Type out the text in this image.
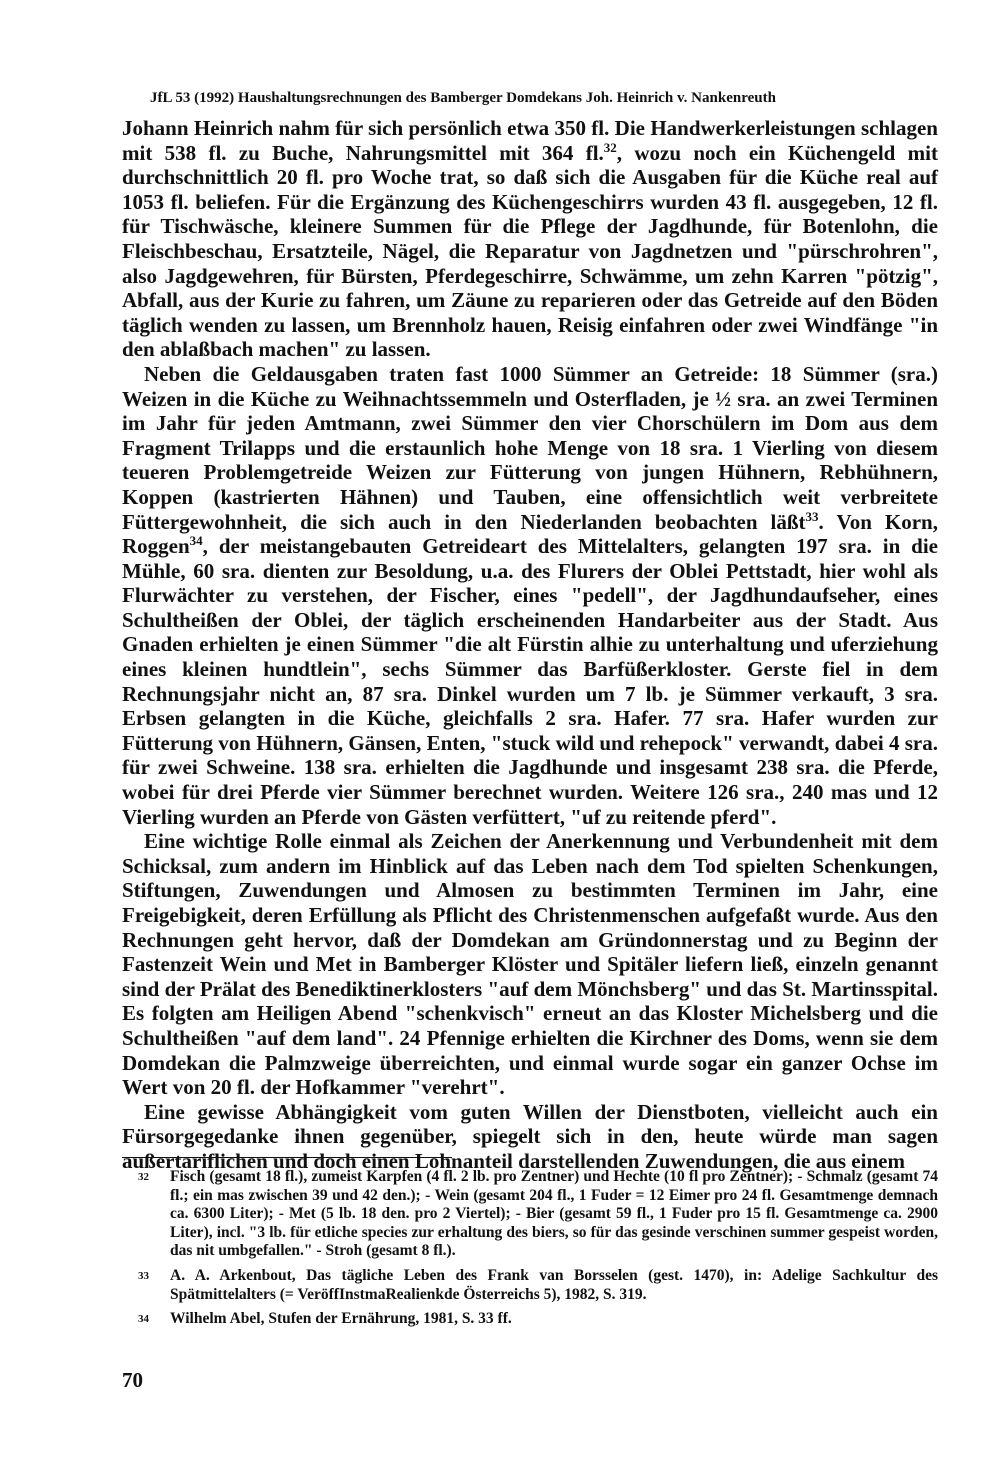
JfL 53 (1992) Haushaltungsrechnungen des Bamberger Domdekans Joh. Heinrich v. Nankenreuth

Johann Heinrich nahm für sich persönlich etwa 350 fl. Die Handwerkerleistungen schlagen mit 538 fl. zu Buche, Nahrungsmittel mit 364 fl.$^{32}$, wozu noch ein Küchengeld mit durchschnittlich 20 fl. pro Woche trat, so daß sich die Ausgaben für die Küche real auf 1053 fl. beliefen. Für die Ergänzung des Küchengeschirrs wurden 43 fl. ausgegeben, 12 fl. für Tischwäsche, kleinere Summen für die Pflege der Jagdhunde, für Botenlohn, die Fleischbeschau, Ersatzteile, Nägel, die Reparatur von Jagdnetzen und "pürschrohren", also Jagdgewehren, für Bürsten, Pferdegeschirre, Schwämme, um zehn Karren "pötzig", Abfall, aus der Kurie zu fahren, um Zäune zu reparieren oder das Getreide auf den Böden täglich wenden zu lassen, um Brennholz hauen, Reisig einfahren oder zwei Windfänge "in den ablaßbach machen" zu lassen.

Neben die Geldausgaben traten fast 1000 Sümmer an Getreide: 18 Sümmer (sra.) Weizen in die Küche zu Weihnachtssemmeln und Osterfladen, je ½ sra. an zwei Terminen im Jahr für jeden Amtmann, zwei Sümmer den vier Chorschülern im Dom aus dem Fragment Trilapps und die erstaunlich hohe Menge von 18 sra. 1 Vierling von diesem teueren Problemgetreide Weizen zur Fütterung von jungen Hühnern, Rebhühnern, Koppen (kastrierten Hähnen) und Tauben, eine offensichtlich weit verbreitete Füttergewohnheit, die sich auch in den Niederlanden beobachten läßt$^{33}$. Von Korn, Roggen$^{34}$, der meistangebauten Getreideart des Mittelalters, gelangten 197 sra. in die Mühle, 60 sra. dienten zur Besoldung, u.a. des Flurers der Oblei Pettstadt, hier wohl als Flurwächter zu verstehen, der Fischer, eines "pedell", der Jagdhundaufseher, eines Schultheißen der Oblei, der täglich erscheinenden Handarbeiter aus der Stadt. Aus Gnaden erhielten je einen Sümmer "die alt Fürstin alhie zu unterhaltung und uferziehung eines kleinen hundtlein", sechs Sümmer das Barfüßerkloster. Gerste fiel in dem Rechnungsjahr nicht an, 87 sra. Dinkel wurden um 7 lb. je Sümmer verkauft, 3 sra. Erbsen gelangten in die Küche, gleichfalls 2 sra. Hafer. 77 sra. Hafer wurden zur Fütterung von Hühnern, Gänsen, Enten, "stuck wild und rehepock" verwandt, dabei 4 sra. für zwei Schweine. 138 sra. erhielten die Jagdhunde und insgesamt 238 sra. die Pferde, wobei für drei Pferde vier Sümmer berechnet wurden. Weitere 126 sra., 240 mas und 12 Vierling wurden an Pferde von Gästen verfüttert, "uf zu reitende pferd".

Eine wichtige Rolle einmal als Zeichen der Anerkennung und Verbundenheit mit dem Schicksal, zum andern im Hinblick auf das Leben nach dem Tod spielten Schenkungen, Stiftungen, Zuwendungen und Almosen zu bestimmten Terminen im Jahr, eine Freigebigkeit, deren Erfüllung als Pflicht des Christenmenschen aufgefaßt wurde. Aus den Rechnungen geht hervor, daß der Domdekan am Gründonnerstag und zu Beginn der Fastenzeit Wein und Met in Bamberger Klöster und Spitäler liefern ließ, einzeln genannt sind der Prälat des Benediktinerklosters "auf dem Mönchsberg" und das St. Martinsspital. Es folgten am Heiligen Abend "schenkvisch" erneut an das Kloster Michelsberg und die Schultheißen "auf dem land". 24 Pfennige erhielten die Kirchner des Doms, wenn sie dem Domdekan die Palmzweige überreichten, und einmal wurde sogar ein ganzer Ochse im Wert von 20 fl. der Hofkammer "verehrt".

Eine gewisse Abhängigkeit vom guten Willen der Dienstboten, vielleicht auch ein Fürsorgegedanke ihnen gegenüber, spiegelt sich in den, heute würde man sagen außertariflichen und doch einen Lohnanteil darstellenden Zuwendungen, die aus einem

32 Fisch (gesamt 18 fl.), zumeist Karpfen (4 fl. 2 lb. pro Zentner) und Hechte (10 fl pro Zentner); - Schmalz (gesamt 74 fl.; ein mas zwischen 39 und 42 den.); - Wein (gesamt 204 fl., 1 Fuder = 12 Eimer pro 24 fl. Gesamtmenge demnach ca. 6300 Liter); - Met (5 lb. 18 den. pro 2 Viertel); - Bier (gesamt 59 fl., 1 Fuder pro 15 fl. Gesamtmenge ca. 2900 Liter), incl. "3 lb. für etliche species zur erhaltung des biers, so für das gesinde verschinen summer gespeist worden, das nit umbgefallen." - Stroh (gesamt 8 fl.).
33 A. A. Arkenbout, Das tägliche Leben des Frank van Borsselen (gest. 1470), in: Adelige Sachkultur des Spätmittelalters (= VeröffInstmaRealienkde Österreichs 5), 1982, S. 319.
34 Wilhelm Abel, Stufen der Ernährung, 1981, S. 33 ff.
70
